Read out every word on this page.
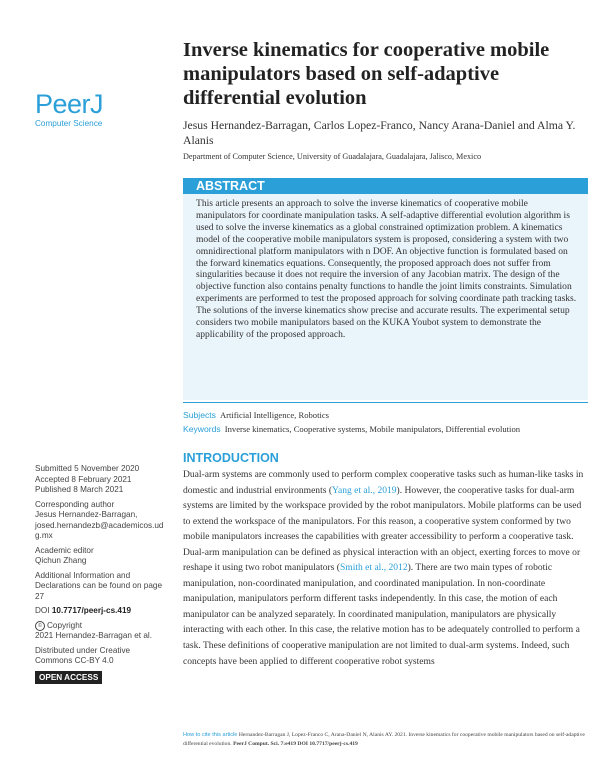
PeerJ
Computer Science
Inverse kinematics for cooperative mobile manipulators based on self-adaptive differential evolution
Jesus Hernandez-Barragan, Carlos Lopez-Franco, Nancy Arana-Daniel and Alma Y. Alanis
Department of Computer Science, University of Guadalajara, Guadalajara, Jalisco, Mexico
ABSTRACT

This article presents an approach to solve the inverse kinematics of cooperative mobile manipulators for coordinate manipulation tasks. A self-adaptive differential evolution algorithm is used to solve the inverse kinematics as a global constrained optimization problem. A kinematics model of the cooperative mobile manipulators system is proposed, considering a system with two omnidirectional platform manipulators with n DOF. An objective function is formulated based on the forward kinematics equations. Consequently, the proposed approach does not suffer from singularities because it does not require the inversion of any Jacobian matrix. The design of the objective function also contains penalty functions to handle the joint limits constraints. Simulation experiments are performed to test the proposed approach for solving coordinate path tracking tasks. The solutions of the inverse kinematics show precise and accurate results. The experimental setup considers two mobile manipulators based on the KUKA Youbot system to demonstrate the applicability of the proposed approach.

Subjects Artificial Intelligence, Robotics
Keywords Inverse kinematics, Cooperative systems, Mobile manipulators, Differential evolution
Submitted 5 November 2020
Accepted 8 February 2021
Published 8 March 2021
Corresponding author
Jesus Hernandez-Barragan,
josed.hernandezb@academicos.udg.mx
Academic editor
Qichun Zhang
Additional Information and Declarations can be found on page 27
DOI 10.7717/peerj-cs.419
© Copyright
2021 Hernandez-Barragan et al.
Distributed under Creative Commons CC-BY 4.0
OPEN ACCESS
INTRODUCTION

Dual-arm systems are commonly used to perform complex cooperative tasks such as human-like tasks in domestic and industrial environments (Yang et al., 2019). However, the cooperative tasks for dual-arm systems are limited by the workspace provided by the robot manipulators. Mobile platforms can be used to extend the workspace of the manipulators. For this reason, a cooperative system conformed by two mobile manipulators increases the capabilities with greater accessibility to perform a cooperative task. Dual-arm manipulation can be defined as physical interaction with an object, exerting forces to move or reshape it using two robot manipulators (Smith et al., 2012). There are two main types of robotic manipulation, non-coordinated manipulation, and coordinated manipulation. In non-coordinate manipulation, manipulators perform different tasks independently. In this case, the motion of each manipulator can be analyzed separately. In coordinated manipulation, manipulators are physically interacting with each other. In this case, the relative motion has to be adequately controlled to perform a task. These definitions of cooperative manipulation are not limited to dual-arm systems. Indeed, such concepts have been applied to different cooperative robot systems

How to cite this article Hernandez-Barragan J, Lopez-Franco C, Arana-Daniel N, Alanis AY. 2021. Inverse kinematics for cooperative mobile manipulators based on self-adaptive differential evolution. PeerJ Comput. Sci. 7:e419 DOI 10.7717/peerj-cs.419
